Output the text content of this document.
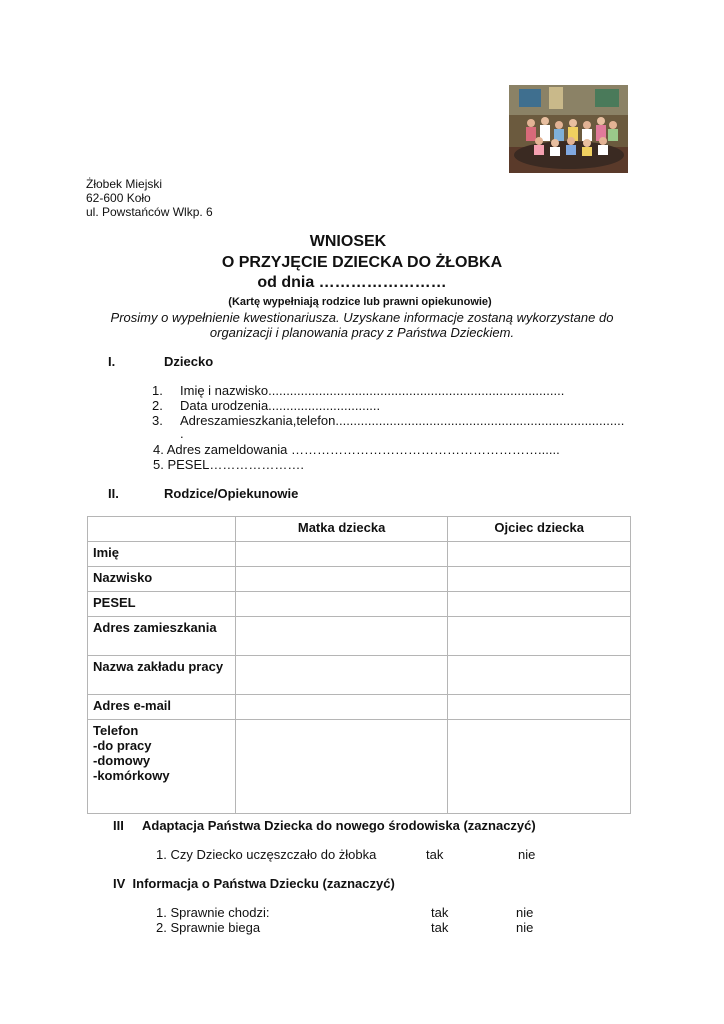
Żłobek Miejski
62-600 Koło
ul. Powstańców Wlkp. 6
WNIOSEK
O PRZYJĘCIE DZIECKA DO ŻŁOBKA
od dnia ……………………
(Kartę wypełniają rodzice lub prawni opiekunowie)
Prosimy o wypełnienie kwestionariusza. Uzyskane informacje zostaną wykorzystane do
organizacji i planowania pracy z Państwa Dzieckiem.
I.	Dziecko
1. Imię i nazwisko..................................................................................
2. Data urodzenia...............................
3. Adreszamieszkania,telefon................................................................................
.
4. Adres zameldowania …………………………………………………......
5. PESEL………………….
II.	Rodzice/Opiekunowie
	Matka dziecka	Ojciec dziecka
Imię		
Nazwisko		
PESEL		
Adres zamieszkania		
Nazwa zakładu pracy		
Adres e-mail		

Telefon
-do pracy
-domowy
-komórkowy		

III Adaptacja Państwa Dziecka do nowego środowiska (zaznaczyć)
1. Czy Dziecko uczęszczało do żłobka	tak	nie
IV Informacja o Państwa Dziecku (zaznaczyć)
1. Sprawnie chodzi:	tak	nie
2. Sprawnie biega	tak	nie
